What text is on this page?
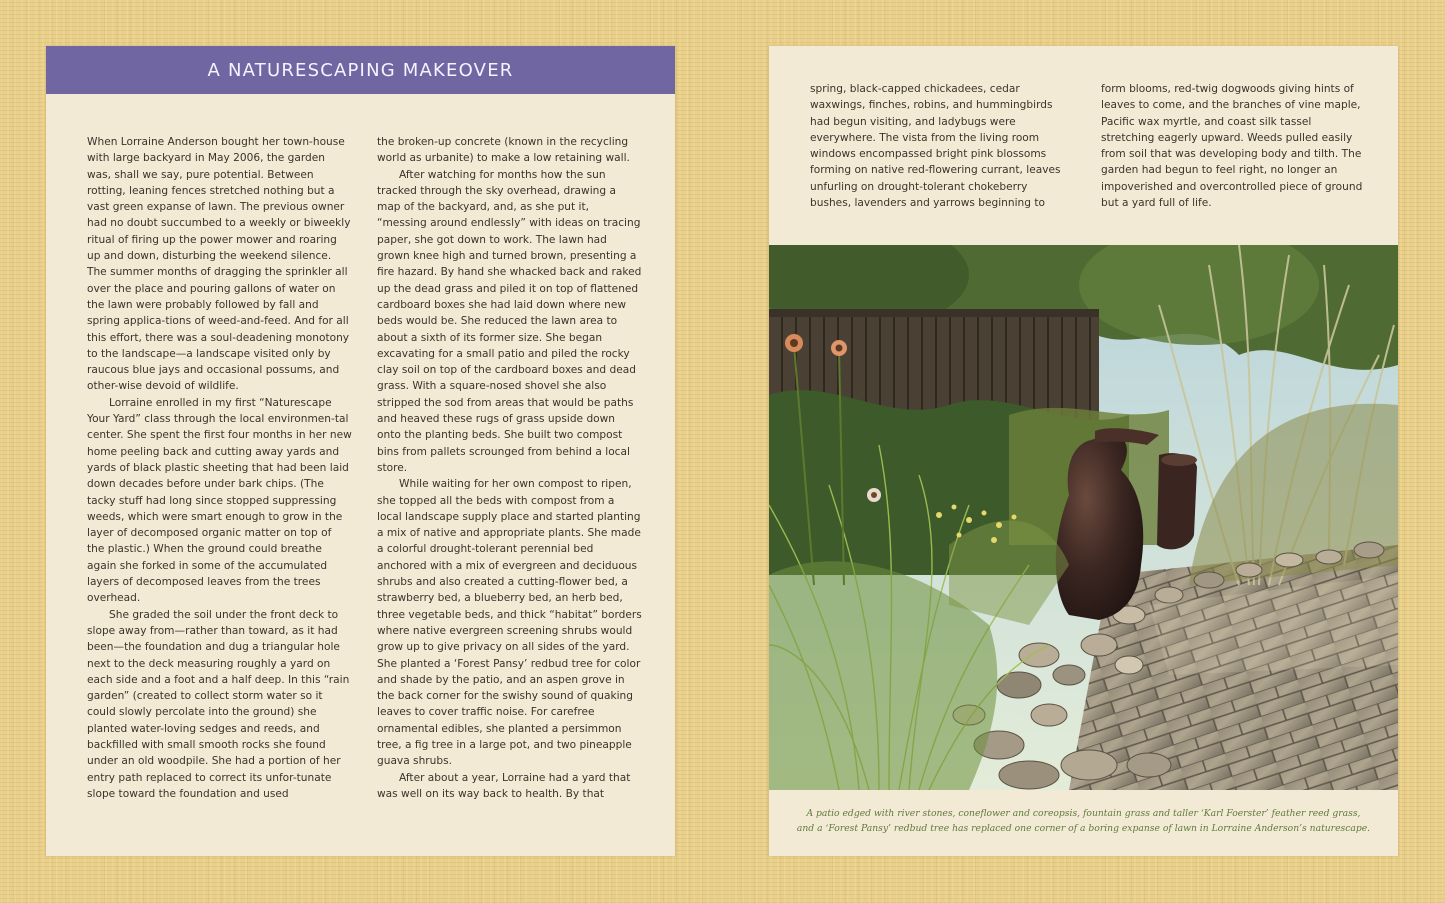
A NATURESCAPING MAKEOVER

When Lorraine Anderson bought her town-house with large backyard in May 2006, the garden was, shall we say, pure potential. Between rotting, leaning fences stretched nothing but a vast green expanse of lawn. The previous owner had no doubt succumbed to a weekly or biweekly ritual of firing up the power mower and roaring up and down, disturbing the weekend silence. The summer months of dragging the sprinkler all over the place and pouring gallons of water on the lawn were probably followed by fall and spring applica-tions of weed-and-feed. And for all this effort, there was a soul-deadening monotony to the landscape—a landscape visited only by raucous blue jays and occasional possums, and other-wise devoid of wildlife.

Lorraine enrolled in my first “Naturescape Your Yard” class through the local environmen-tal center. She spent the first four months in her new home peeling back and cutting away yards and yards of black plastic sheeting that had been laid down decades before under bark chips. (The tacky stuff had long since stopped suppressing weeds, which were smart enough to grow in the layer of decomposed organic matter on top of the plastic.) When the ground could breathe again she forked in some of the accumulated layers of decomposed leaves from the trees overhead.

She graded the soil under the front deck to slope away from—rather than toward, as it had been—the foundation and dug a triangular hole next to the deck measuring roughly a yard on each side and a foot and a half deep. In this “rain garden” (created to collect storm water so it could slowly percolate into the ground) she planted water-loving sedges and reeds, and backfilled with small smooth rocks she found under an old woodpile. She had a portion of her entry path replaced to correct its unfor-tunate slope toward the foundation and used

the broken-up concrete (known in the recycling world as urbanite) to make a low retaining wall.

After watching for months how the sun tracked through the sky overhead, drawing a map of the backyard, and, as she put it, “messing around endlessly” with ideas on tracing paper, she got down to work. The lawn had grown knee high and turned brown, presenting a fire hazard. By hand she whacked back and raked up the dead grass and piled it on top of flattened cardboard boxes she had laid down where new beds would be. She reduced the lawn area to about a sixth of its former size. She began excavating for a small patio and piled the rocky clay soil on top of the cardboard boxes and dead grass. With a square-nosed shovel she also stripped the sod from areas that would be paths and heaved these rugs of grass upside down onto the planting beds. She built two compost bins from pallets scrounged from behind a local store.

While waiting for her own compost to ripen, she topped all the beds with compost from a local landscape supply place and started planting a mix of native and appropriate plants. She made a colorful drought-tolerant perennial bed anchored with a mix of evergreen and deciduous shrubs and also created a cutting-flower bed, a strawberry bed, a blueberry bed, an herb bed, three vegetable beds, and thick “habitat” borders where native evergreen screening shrubs would grow up to give privacy on all sides of the yard. She planted a ‘Forest Pansy’ redbud tree for color and shade by the patio, and an aspen grove in the back corner for the swishy sound of quaking leaves to cover traffic noise. For carefree ornamental edibles, she planted a persimmon tree, a fig tree in a large pot, and two pineapple guava shrubs.

After about a year, Lorraine had a yard that was well on its way back to health. By that

spring, black-capped chickadees, cedar waxwings, finches, robins, and hummingbirds had begun visiting, and ladybugs were everywhere. The vista from the living room windows encompassed bright pink blossoms forming on native red-flowering currant, leaves unfurling on drought-tolerant chokeberry bushes, lavenders and yarrows beginning to

form blooms, red-twig dogwoods giving hints of leaves to come, and the branches of vine maple, Pacific wax myrtle, and coast silk tassel stretching eagerly upward. Weeds pulled easily from soil that was developing body and tilth. The garden had begun to feel right, no longer an impoverished and overcontrolled piece of ground but a yard full of life.

A patio edged with river stones, coneflower and coreopsis, fountain grass and taller ‘Karl Foerster’ feather reed grass,
and a ‘Forest Pansy’ redbud tree has replaced one corner of a boring expanse of lawn in Lorraine Anderson’s naturescape.
